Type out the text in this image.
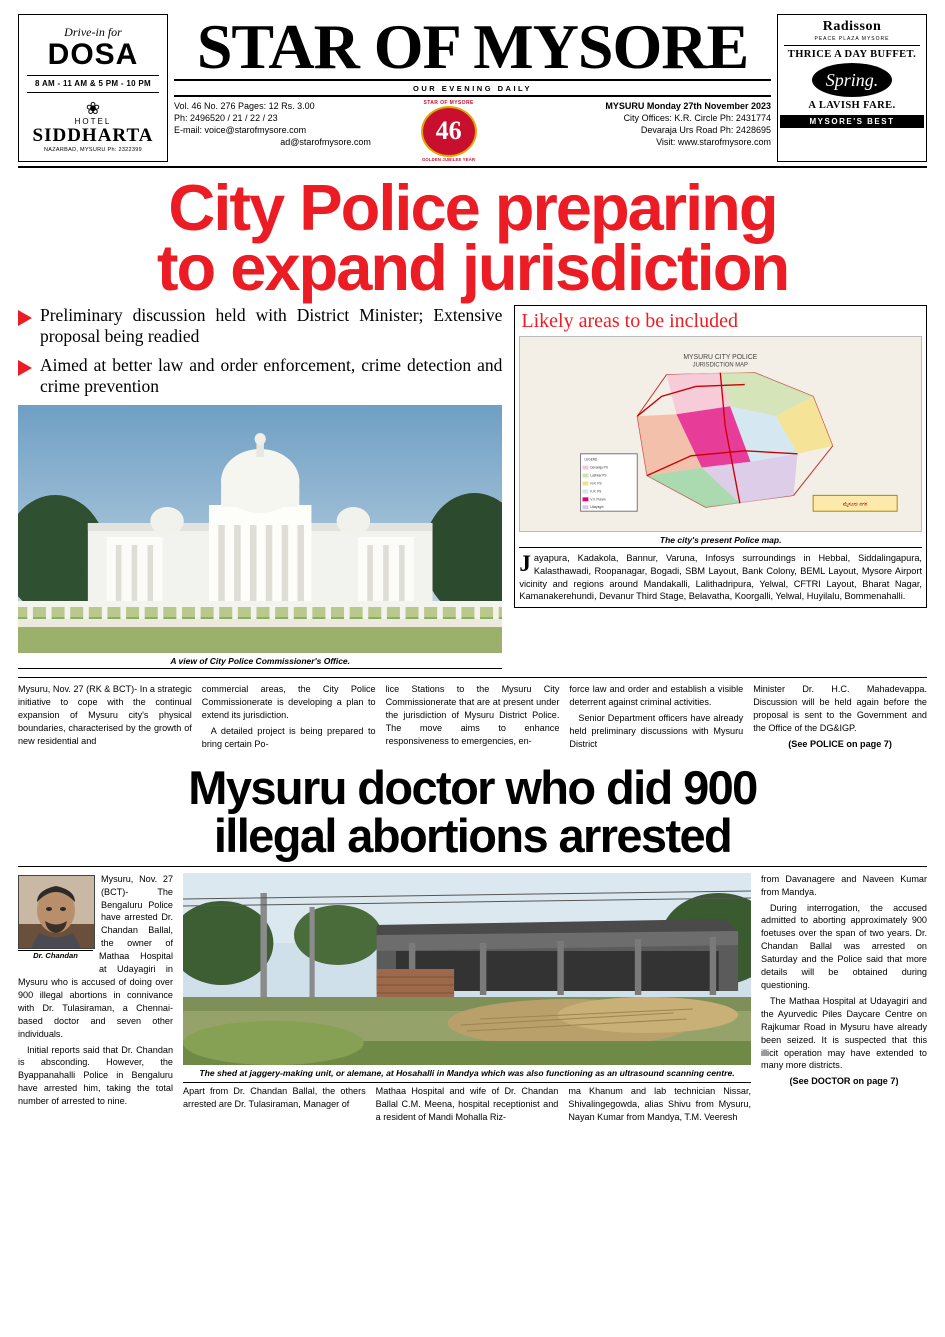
Drive-in for
DOSA
8 AM - 11 AM & 5 PM - 10 PM
❀
HOTEL
SIDDHARTA
NAZARBAD, MYSURU Ph: 2322399
STAR OF MYSORE
OUR EVENING DAILY
Vol. 46 No. 276 Pages: 12 Rs. 3.00
Ph: 2496520 / 21 / 22 / 23
E-mail: voice@starofmysore.com
ad@starofmysore.com
STAR OF MYSORE
46
GOLDEN JUBILEE YEAR
MYSURU Monday 27th November 2023
City Offices: K.R. Circle Ph: 2431774
Devaraja Urs Road Ph: 2428695
Visit: www.starofmysore.com
Radisson
PEACE PLAZA MYSORE
THRICE A DAY BUFFET.
Spring.
A LAVISH FARE.
MYSORE'S BEST
City Police preparing
to expand jurisdiction
Preliminary discussion held with District Minister; Extensive proposal being readied
Aimed at better law and order enforcement, crime detection and crime prevention
A view of City Police Commissioner's Office.
Likely areas to be included
MYSURU CITY POLICE
JURISDICTION MAP
LEGEND
Devaraja PS
Lashkar PS
N.R. PS
K.R. PS
V.V. Puram
Udayagiri	ಮೈಸೂರು ನಗರ
The city's present Police map.
Jayapura, Kadakola, Bannur, Varuna, Infosys surroundings in Hebbal, Siddalingapura, Kalasthawadi, Roopanagar, Bogadi, SBM Layout, Bank Colony, BEML Layout, Mysore Airport vicinity and regions around Mandakalli, Lalithadripura, Yelwal, CFTRI Layout, Bharat Nagar, Kamanakerehundi, Devanur Third Stage, Belavatha, Koorgalli, Yelwal, Huyilalu, Bommenahalli.

Mysuru, Nov. 27 (RK & BCT)- In a strategic initiative to cope with the continual expansion of Mysuru city's physical boundaries, characterised by the growth of new residential and

commercial areas, the City Police Commissionerate is developing a plan to extend its jurisdiction.

A detailed project is being prepared to bring certain Po-

lice Stations to the Mysuru City Commissionerate that are at present under the jurisdiction of Mysuru District Police. The move aims to enhance responsiveness to emergencies, en-

force law and order and establish a visible deterrent against criminal activities.

Senior Department officers have already held preliminary discussions with Mysuru District

Minister Dr. H.C. Mahadevappa. Discussion will be held again before the proposal is sent to the Government and the Office of the DG&IGP.

(See POLICE on page 7)
Mysuru doctor who did 900
illegal abortions arrested
Dr. Chandan

Mysuru, Nov. 27 (BCT)- The Bengaluru Police have arrested Dr. Chandan Ballal, the owner of Mathaa Hospital at Udayagiri in Mysuru who is accused of doing over 900 illegal abortions in connivance with Dr. Tulasiraman, a Chennai-based doctor and seven other individuals.

Initial reports said that Dr. Chandan is absconding. However, the Byappanahalli Police in Bengaluru have arrested him, taking the total number of arrested to nine.

The shed at jaggery-making unit, or alemane, at Hosahalli in Mandya which was also functioning as an ultrasound scanning centre.

Apart from Dr. Chandan Ballal, the others arrested are Dr. Tulasiraman, Manager of

Mathaa Hospital and wife of Dr. Chandan Ballal C.M. Meena, hospital receptionist and a resident of Mandi Mohalla Riz-

ma Khanum and lab technician Nissar, Shivalingegowda, alias Shivu from Mysuru, Nayan Kumar from Mandya, T.M. Veeresh

from Davanagere and Naveen Kumar from Mandya.

During interrogation, the accused admitted to aborting approximately 900 foetuses over the span of two years. Dr. Chandan Ballal was arrested on Saturday and the Police said that more details will be obtained during questioning.

The Mathaa Hospital at Udayagiri and the Ayurvedic Piles Daycare Centre on Rajkumar Road in Mysuru have already been seized. It is suspected that this illicit operation may have extended to many more districts.

(See DOCTOR on page 7)
